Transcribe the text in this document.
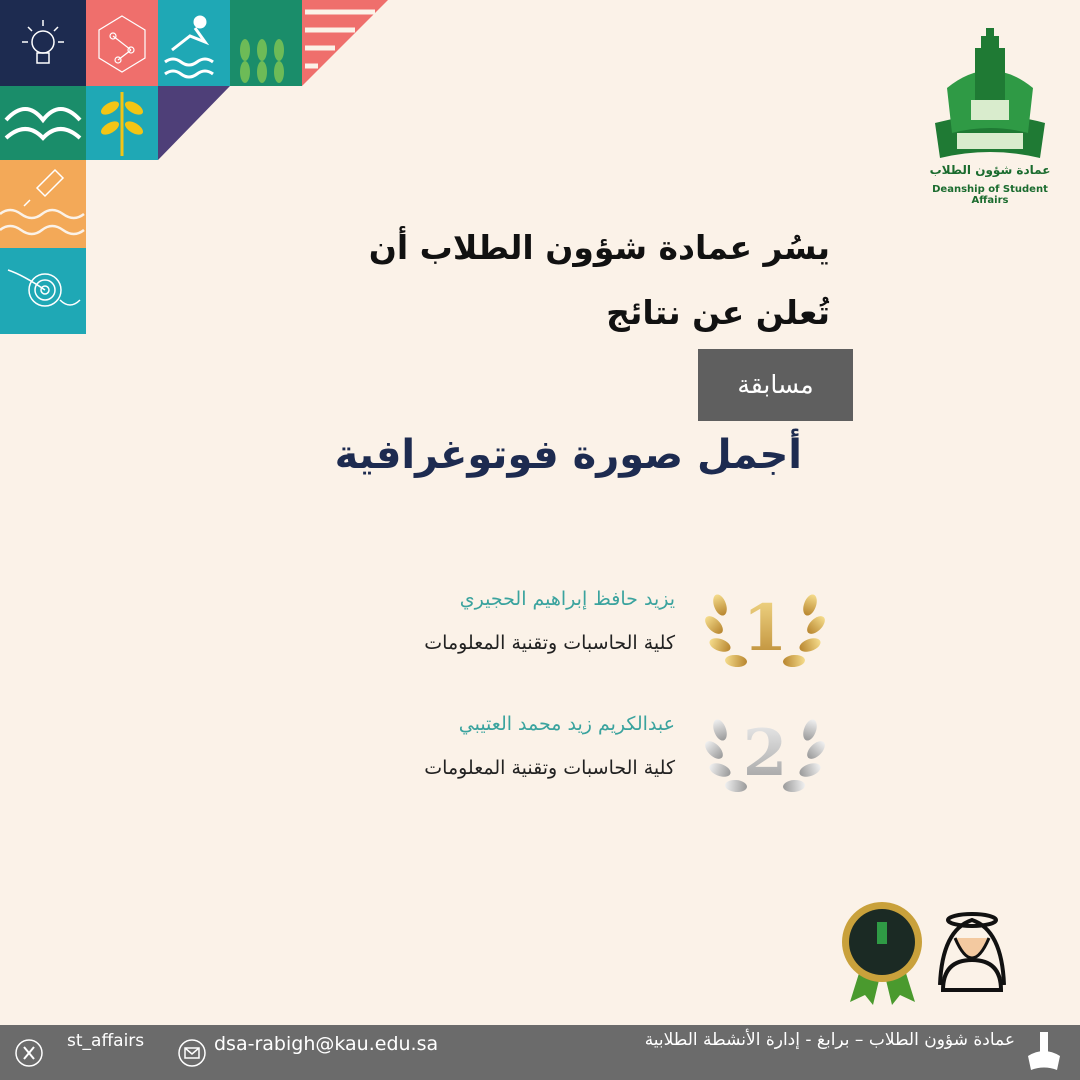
عمادة شؤون الطلاب
Deanship of Student Affairs
يسُر عمادة شؤون الطلاب أن
تُعلن عن نتائج
مسابقة
أجمل صورة فوتوغرافية
1
يزيد حافظ إبراهيم الحجيري
كلية الحاسبات وتقنية المعلومات
2
عبدالكريم زيد محمد العتيبي
كلية الحاسبات وتقنية المعلومات
st_affairs	dsa-rabigh@kau.edu.sa	عمادة شؤون الطلاب – برابغ - إدارة الأنشطة الطلابية
